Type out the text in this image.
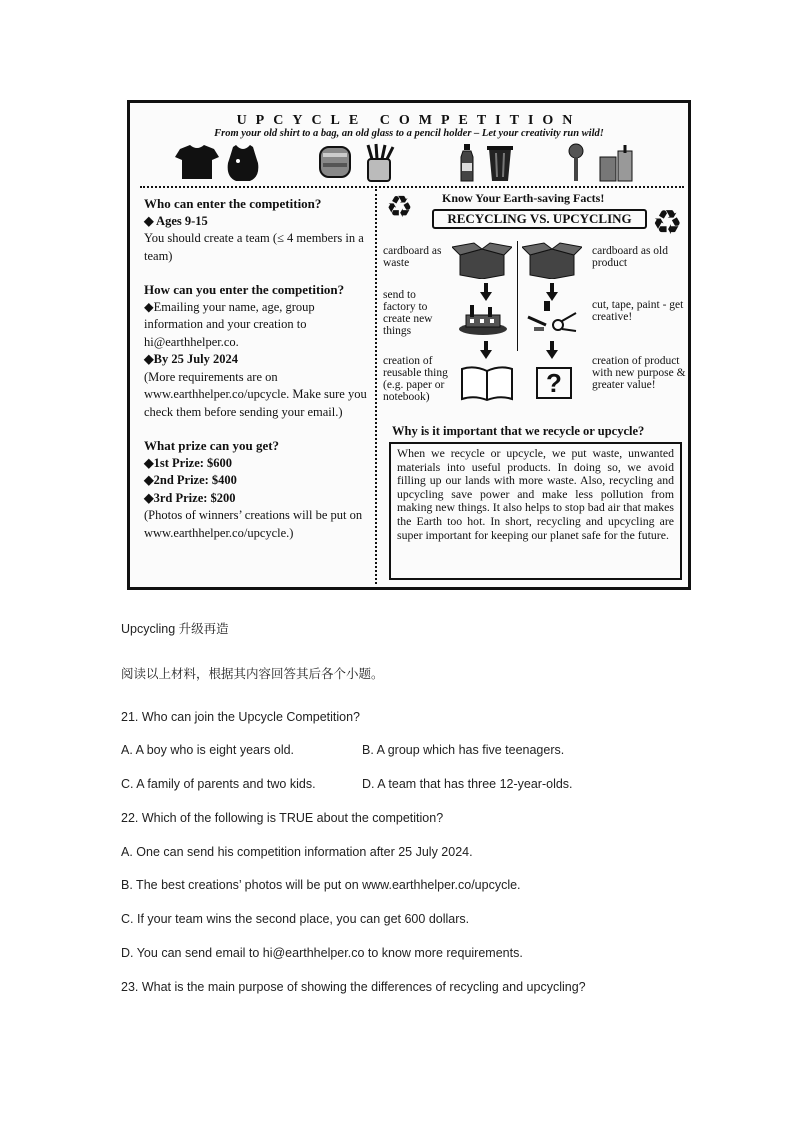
UPCYCLE COMPETITION
From your old shirt to a bag, an old glass to a pencil holder – Let your creativity run wild!
Who can enter the competition?
◆ Ages 9-15
You should create a team (≤ 4 members in a team)
How can you enter the competition?
◆Emailing your name, age, group information and your creation to hi@earthhelper.co.
◆By 25 July 2024
(More requirements are on www.earthhelper.co/upcycle. Make sure you check them before sending your email.)
What prize can you get?
◆1st Prize: $600
◆2nd Prize: $400
◆3rd Prize: $200
(Photos of winners’ creations will be put on www.earthhelper.co/upcycle.)
♻	♻
Know Your Earth-saving Facts!
RECYCLING VS. UPCYCLING
cardboard as waste
cardboard as old product
send to factory to create new things
cut, tape, paint - get creative!
creation of reusable thing (e.g. paper or notebook)	?
creation of product with new purpose & greater value!
Why is it important that we recycle or upcycle?
When we recycle or upcycle, we put waste, unwanted materials into useful products. In doing so, we avoid filling up our lands with more waste. Also, recycling and upcycling save power and make less pollution from making new things. It also helps to stop bad air that makes the Earth too hot. In short, recycling and upcycling are super important for keeping our planet safe for the future.
Upcycling 升级再造
阅读以上材料，根据其内容回答其后各个小题。
21. Who can join the Upcycle Competition?
A. A boy who is eight years old.	B. A group which has five teenagers.
C. A family of parents and two kids.	D. A team that has three 12-year-olds.
22. Which of the following is TRUE about the competition?
A. One can send his competition information after 25 July 2024.
B. The best creations’ photos will be put on www.earthhelper.co/upcycle.
C. If your team wins the second place, you can get 600 dollars.
D. You can send email to hi@earthhelper.co to know more requirements.
23. What is the main purpose of showing the differences of recycling and upcycling?
